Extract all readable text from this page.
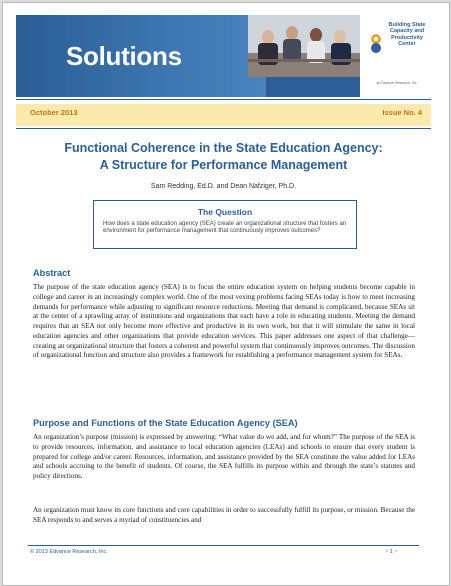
Solutions
Building State
Capacity and
Productivity
Center
at Edvance Research, Inc.
October 2013	Issue No. 4
Functional Coherence in the State Education Agency:
A Structure for Performance Management
Sam Redding, Ed.D. and Dean Nafziger, Ph.D.
The Question

How does a state education agency (SEA) create an organizational structure that fosters an environment for performance management that continuously improves outcomes?

Abstract
The purpose of the state education agency (SEA) is to focus the entire education system on helping students become capable in college and career in an increasingly complex world. One of the most vexing problems facing SEAs today is how to meet increasing demands for performance while adjusting to significant resource reductions. Meeting that demand is complicated, because SEAs sit at the center of a sprawling array of institutions and organizations that each have a role in educating students. Meeting the demand requires that an SEA not only become more effective and productive in its own work, but that it will stimulate the same in local education agencies and other organizations that provide education services. This paper addresses one aspect of that challenge—creating an organizational structure that fosters a coherent and powerful system that continuously improves outcomes. The discussion of organizational function and structure also provides a framework for establishing a performance management system for SEAs.
Purpose and Functions of the State Education Agency (SEA)
An organization’s purpose (mission) is expressed by answering: “What value do we add, and for whom?” The purpose of the SEA is to provide resources, information, and assistance to local education agencies (LEAs) and schools to ensure that every student is prepared for college and/or career. Resources, information, and assistance provided by the SEA constitute the value added for LEAs and schools accruing to the benefit of students. Of course, the SEA fulfills its purpose within and through the state’s statutes and policy directions.
An organization must know its core functions and core capabilities in order to successfully fulfill its purpose, or mission. Because the SEA responds to and serves a myriad of constituencies and
© 2013 Edvance Research, Inc.	~ 1 ~
